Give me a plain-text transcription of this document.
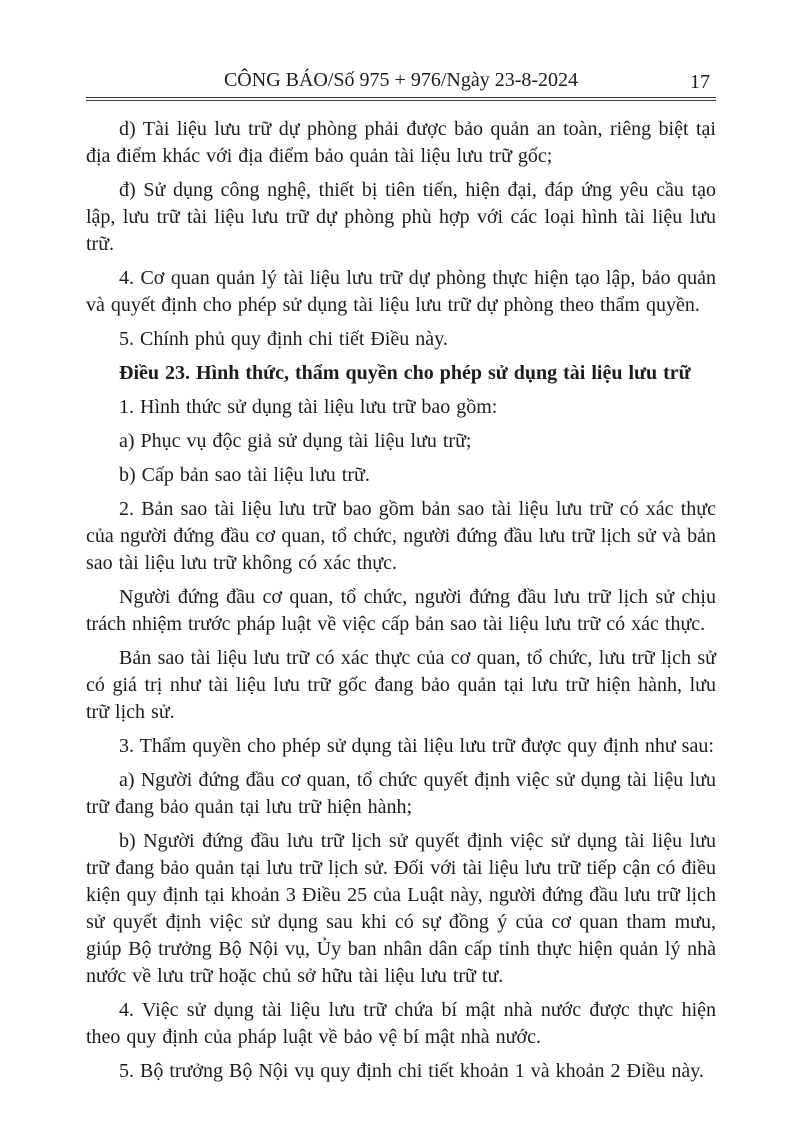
CÔNG BÁO/Số 975 + 976/Ngày 23-8-2024	17

d) Tài liệu lưu trữ dự phòng phải được bảo quản an toàn, riêng biệt tại địa điểm khác với địa điểm bảo quản tài liệu lưu trữ gốc;

đ) Sử dụng công nghệ, thiết bị tiên tiến, hiện đại, đáp ứng yêu cầu tạo lập, lưu trữ tài liệu lưu trữ dự phòng phù hợp với các loại hình tài liệu lưu trữ.

4. Cơ quan quản lý tài liệu lưu trữ dự phòng thực hiện tạo lập, bảo quản và quyết định cho phép sử dụng tài liệu lưu trữ dự phòng theo thẩm quyền.

5. Chính phủ quy định chi tiết Điều này.

Điều 23. Hình thức, thẩm quyền cho phép sử dụng tài liệu lưu trữ

1. Hình thức sử dụng tài liệu lưu trữ bao gồm:

a) Phục vụ độc giả sử dụng tài liệu lưu trữ;

b) Cấp bản sao tài liệu lưu trữ.

2. Bản sao tài liệu lưu trữ bao gồm bản sao tài liệu lưu trữ có xác thực của người đứng đầu cơ quan, tổ chức, người đứng đầu lưu trữ lịch sử và bản sao tài liệu lưu trữ không có xác thực.

Người đứng đầu cơ quan, tổ chức, người đứng đầu lưu trữ lịch sử chịu trách nhiệm trước pháp luật về việc cấp bản sao tài liệu lưu trữ có xác thực.

Bản sao tài liệu lưu trữ có xác thực của cơ quan, tổ chức, lưu trữ lịch sử có giá trị như tài liệu lưu trữ gốc đang bảo quản tại lưu trữ hiện hành, lưu trữ lịch sử.

3. Thẩm quyền cho phép sử dụng tài liệu lưu trữ được quy định như sau:

a) Người đứng đầu cơ quan, tổ chức quyết định việc sử dụng tài liệu lưu trữ đang bảo quản tại lưu trữ hiện hành;

b) Người đứng đầu lưu trữ lịch sử quyết định việc sử dụng tài liệu lưu trữ đang bảo quản tại lưu trữ lịch sử. Đối với tài liệu lưu trữ tiếp cận có điều kiện quy định tại khoản 3 Điều 25 của Luật này, người đứng đầu lưu trữ lịch sử quyết định việc sử dụng sau khi có sự đồng ý của cơ quan tham mưu, giúp Bộ trưởng Bộ Nội vụ, Ủy ban nhân dân cấp tỉnh thực hiện quản lý nhà nước về lưu trữ hoặc chủ sở hữu tài liệu lưu trữ tư.

4. Việc sử dụng tài liệu lưu trữ chứa bí mật nhà nước được thực hiện theo quy định của pháp luật về bảo vệ bí mật nhà nước.

5. Bộ trưởng Bộ Nội vụ quy định chi tiết khoản 1 và khoản 2 Điều này.
